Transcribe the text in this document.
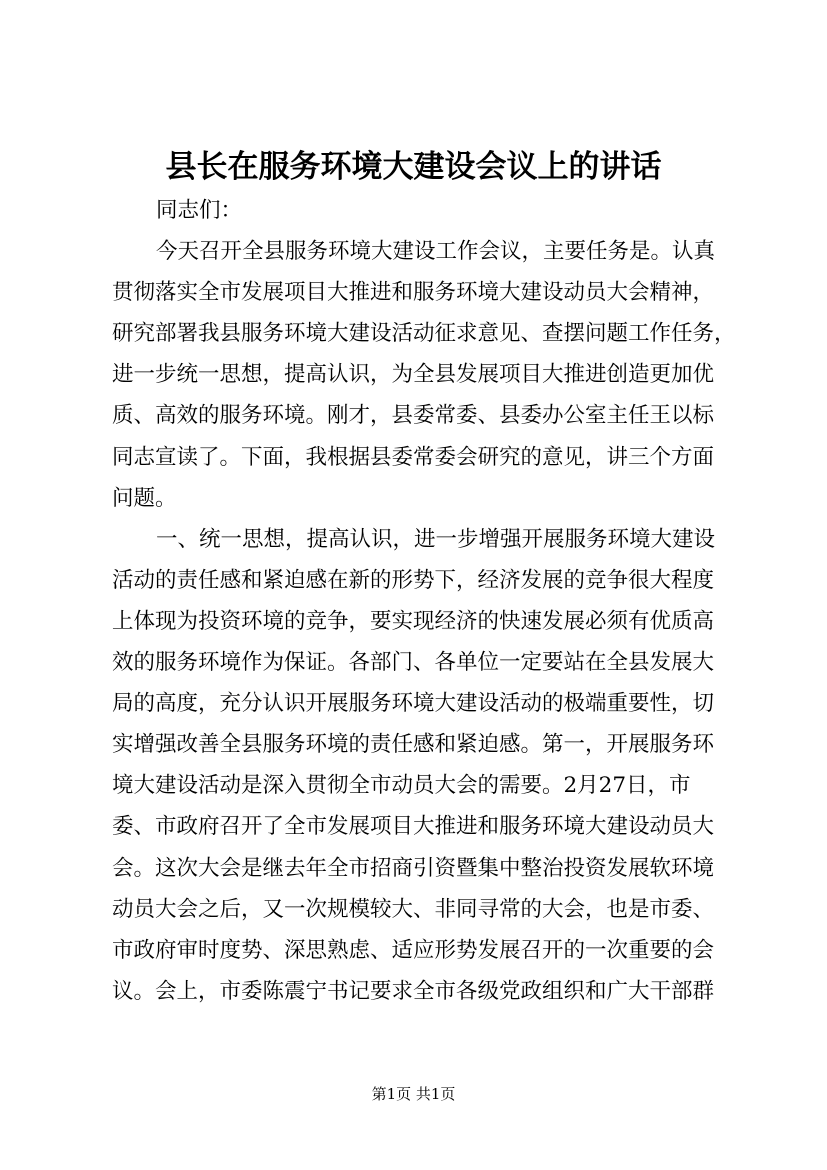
县长在服务环境大建设会议上的讲话
同志们：
今天召开全县服务环境大建设工作会议，主要任务是。认真
贯彻落实全市发展项目大推进和服务环境大建设动员大会精神，
研究部署我县服务环境大建设活动征求意见、查摆问题工作任务，
进一步统一思想，提高认识，为全县发展项目大推进创造更加优
质、高效的服务环境。刚才，县委常委、县委办公室主任王以标
同志宣读了。下面，我根据县委常委会研究的意见，讲三个方面
问题。
一、统一思想，提高认识，进一步增强开展服务环境大建设
活动的责任感和紧迫感在新的形势下，经济发展的竞争很大程度
上体现为投资环境的竞争，要实现经济的快速发展必须有优质高
效的服务环境作为保证。各部门、各单位一定要站在全县发展大
局的高度，充分认识开展服务环境大建设活动的极端重要性，切
实增强改善全县服务环境的责任感和紧迫感。第一，开展服务环
境大建设活动是深入贯彻全市动员大会的需要。2月27日，市
委、市政府召开了全市发展项目大推进和服务环境大建设动员大
会。这次大会是继去年全市招商引资暨集中整治投资发展软环境
动员大会之后，又一次规模较大、非同寻常的大会，也是市委、
市政府审时度势、深思熟虑、适应形势发展召开的一次重要的会
议。会上，市委陈震宁书记要求全市各级党政组织和广大干部群
第1页 共1页
